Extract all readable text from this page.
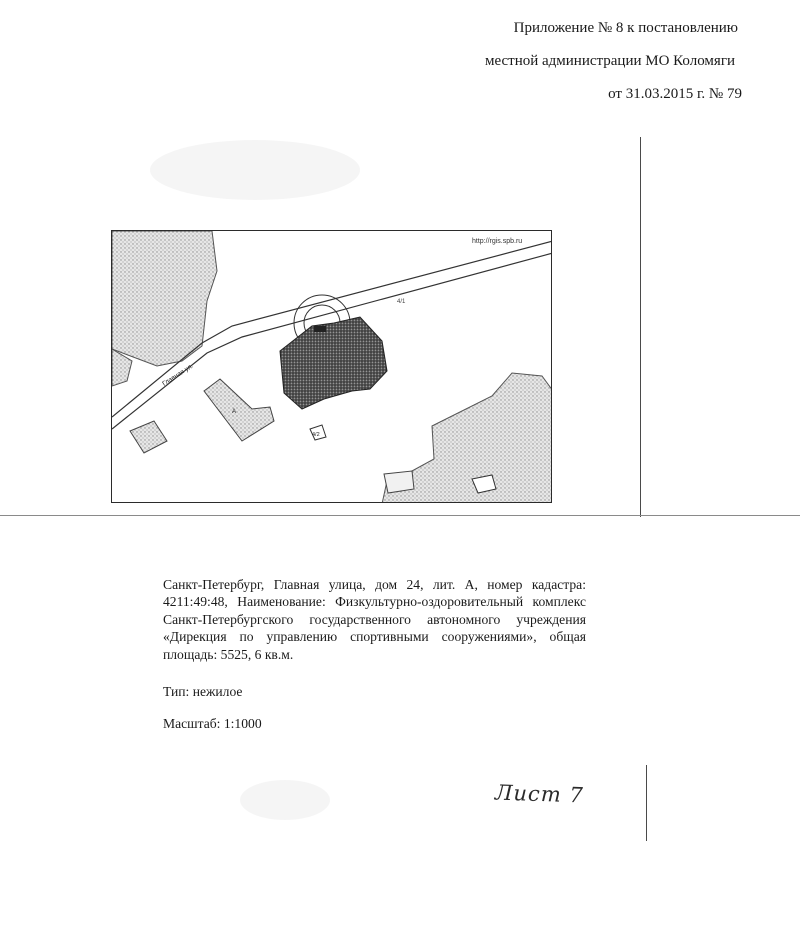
Приложение № 8 к постановлению
местной администрации МО Коломяги
от 31.03.2015 г. № 79
http://rgis.spb.ru
Главная ул.
4/1
А
4/2

Санкт-Петербург, Главная улица, дом 24, лит. А, номер кадастра: 4211:49:48, Наименование: Физкультурно-оздоровительный комплекс Санкт-Петербургского государственного автономного учреждения «Дирекция по управлению спортивными сооружениями», общая площадь: 5525, 6 кв.м.

Тип: нежилое
Масштаб: 1:1000
Лист 7
